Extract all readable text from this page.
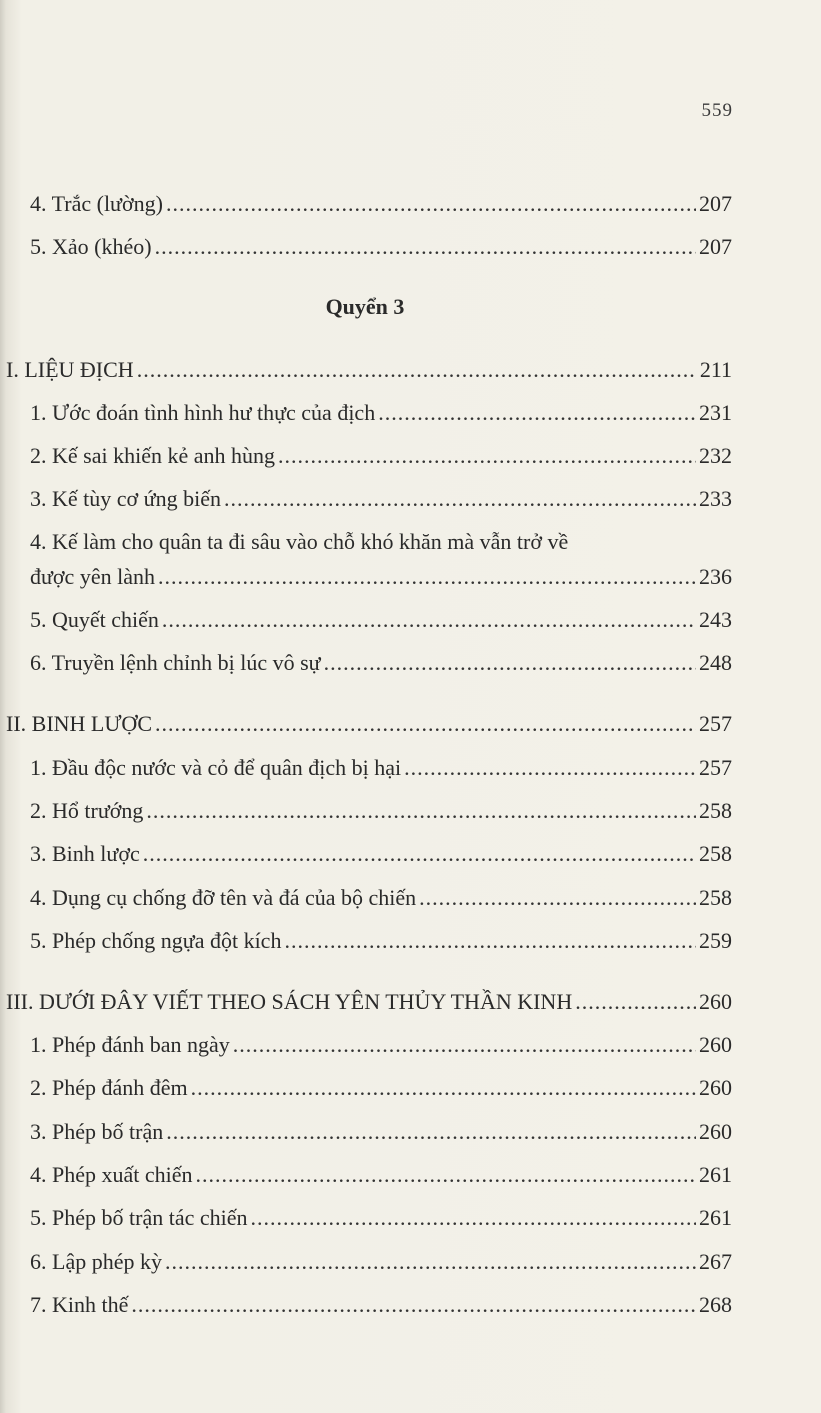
559
4. Trắc (lường) .....	207
5. Xảo (khéo) .....	207
Quyển 3
I. LIỆU ĐỊCH .....	211
1. Ước đoán tình hình hư thực của địch .....	231
2. Kế sai khiến kẻ anh hùng .....	232
3. Kế tùy cơ ứng biến .....	233
4. Kế làm cho quân ta đi sâu vào chỗ khó khăn mà vẫn trở về
được yên lành .....	236
5. Quyết chiến .....	243
6. Truyền lệnh chỉnh bị lúc vô sự .....	248
II. BINH LƯỢC .....	257
1. Đầu độc nước và cỏ để quân địch bị hại .....	257
2. Hổ trướng .....	258
3. Binh lược .....	258
4. Dụng cụ chống đỡ tên và đá của bộ chiến .....	258
5. Phép chống ngựa đột kích .....	259
III. DƯỚI ĐÂY VIẾT THEO SÁCH YÊN THỦY THẦN KINH .....	260
1. Phép đánh ban ngày .....	260
2. Phép đánh đêm .....	260
3. Phép bố trận .....	260
4. Phép xuất chiến .....	261
5. Phép bố trận tác chiến .....	261
6. Lập phép kỳ .....	267
7. Kinh thế .....	268
